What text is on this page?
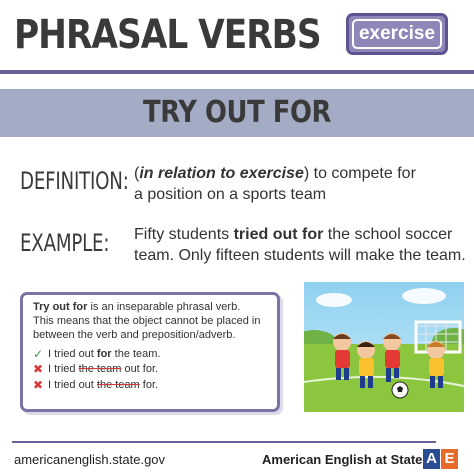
PHRASAL VERBS	exercise
TRY OUT FOR
DEFINITION: (in relation to exercise) to compete for
a position on a sports team
EXAMPLE: Fifty students tried out for the school soccer
team. Only fifteen students will make the team.

Try out for is an inseparable phrasal verb.

This means that the object cannot be placed in

between the verb and preposition/adverb.

✓ I tried out for the team.
✖ I tried the team out for.
✖ I tried out the team for.
americanenglish.state.gov	American English at State A E
